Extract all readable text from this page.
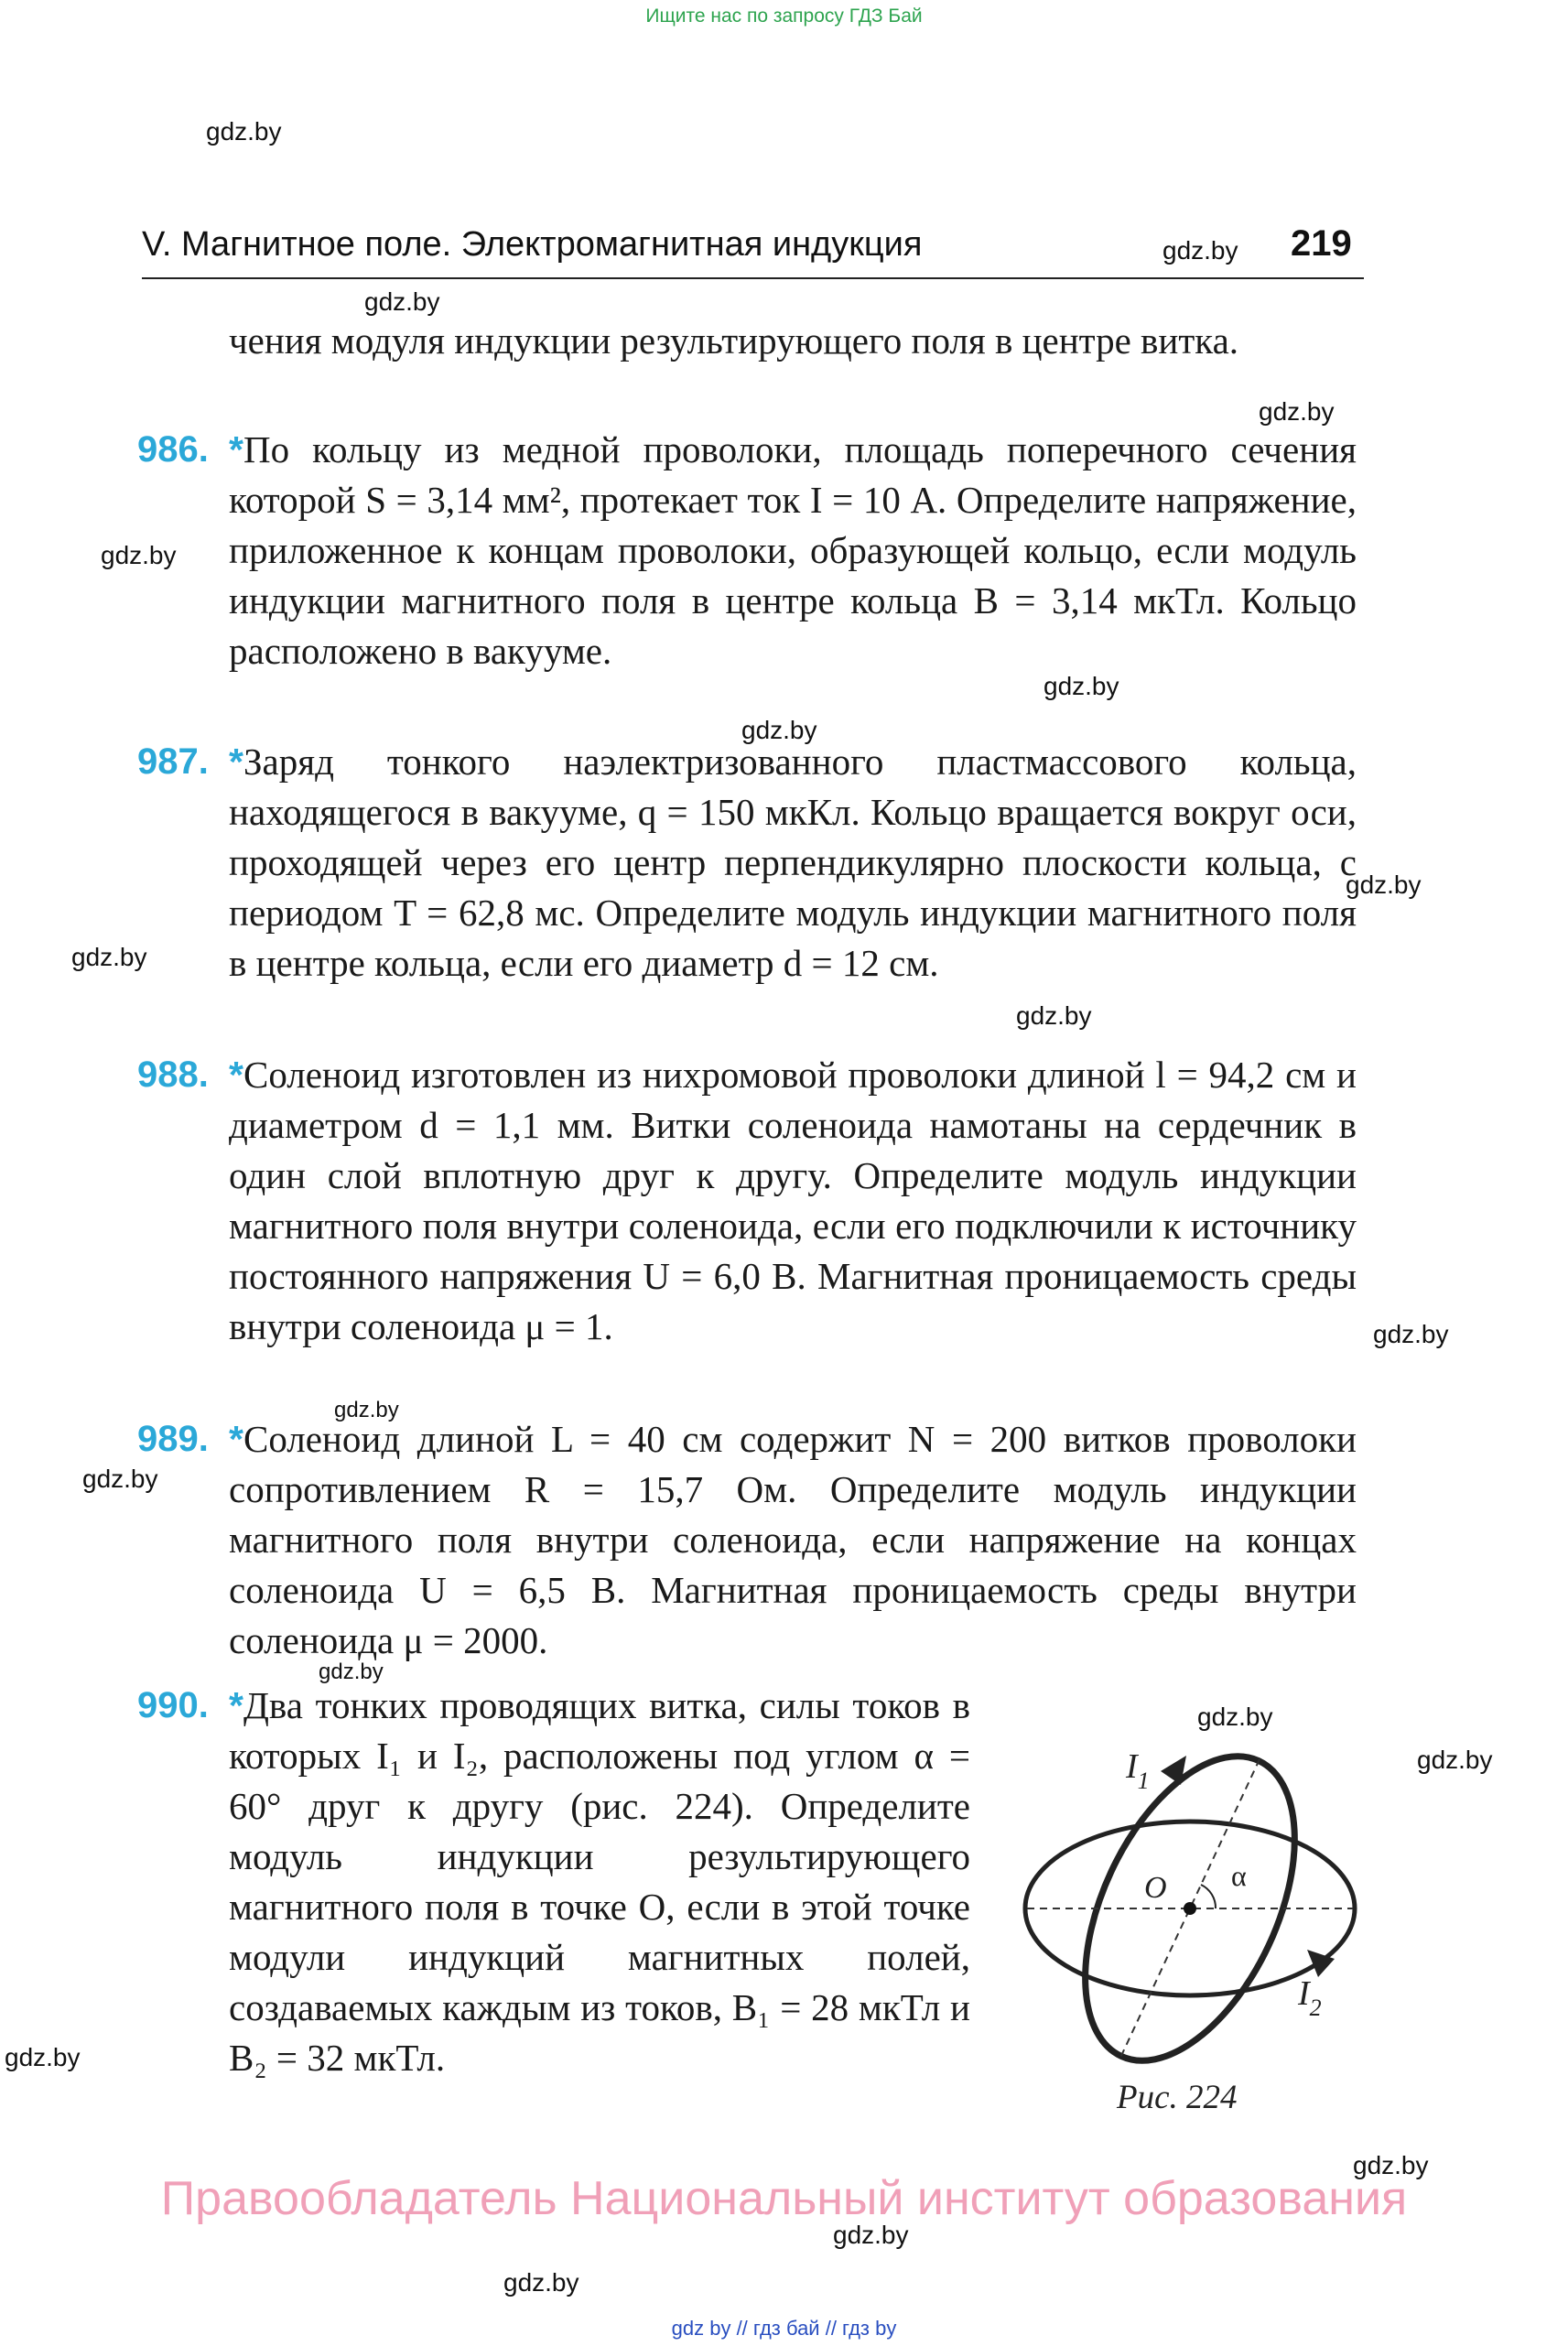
Ищите нас по запросу ГДЗ Бай
gdz.by
gdz.by
gdz.by
gdz.by
gdz.by
gdz.by
gdz.by
gdz.by
gdz.by
gdz.by
gdz.by
gdz.by
gdz.by
gdz.by
gdz.by
gdz.by
gdz.by
gdz.by
gdz.by
gdz.by
V. Магнитное поле. Электромагнитная индукция	219

чения модуля индукции результирующего поля в центре витка.

986. *По кольцу из медной проволоки, площадь поперечного сечения которой S = 3,14 мм², протекает ток I = 10 А. Определите напряжение, приложенное к концам проволоки, образующей кольцо, если модуль индукции магнитного поля в центре кольца B = 3,14 мкТл. Кольцо расположено в вакууме.

987. *Заряд тонкого наэлектризованного пластмассового кольца, находящегося в вакууме, q = 150 мкКл. Кольцо вращается вокруг оси, проходящей через его центр перпендикулярно плоскости кольца, с периодом T = 62,8 мс. Определите модуль индукции магнитного поля в центре кольца, если его диаметр d = 12 см.

988. *Соленоид изготовлен из нихромовой проволоки длиной l = 94,2 см и диаметром d = 1,1 мм. Витки соленоида намотаны на сердечник в один слой вплотную друг к другу. Определите модуль индукции магнитного поля внутри соленоида, если его подключили к источнику постоянного напряжения U = 6,0 В. Магнитная проницаемость среды внутри соленоида μ = 1.

989. *Соленоид длиной L = 40 см содержит N = 200 витков проволоки сопротивлением R = 15,7 Ом. Определите модуль индукции магнитного поля внутри соленоида, если напряжение на концах соленоида U = 6,5 В. Магнитная проницаемость среды внутри соленоида μ = 2000.

990. *Два тонких проводящих витка, силы токов в которых I₁ и I₂, расположены под углом α = 60° друг к другу (рис. 224). Определите модуль индукции результирующего магнитного поля в точке O, если в этой точке модули индукций магнитных полей, создаваемых каждым из токов, B₁ = 28 мкТл и B₂ = 32 мкТл.

$I_1$
$I_2$
O α
Рис. 224
Правообладатель Национальный институт образования
gdz by // гдз бай // гдз by
